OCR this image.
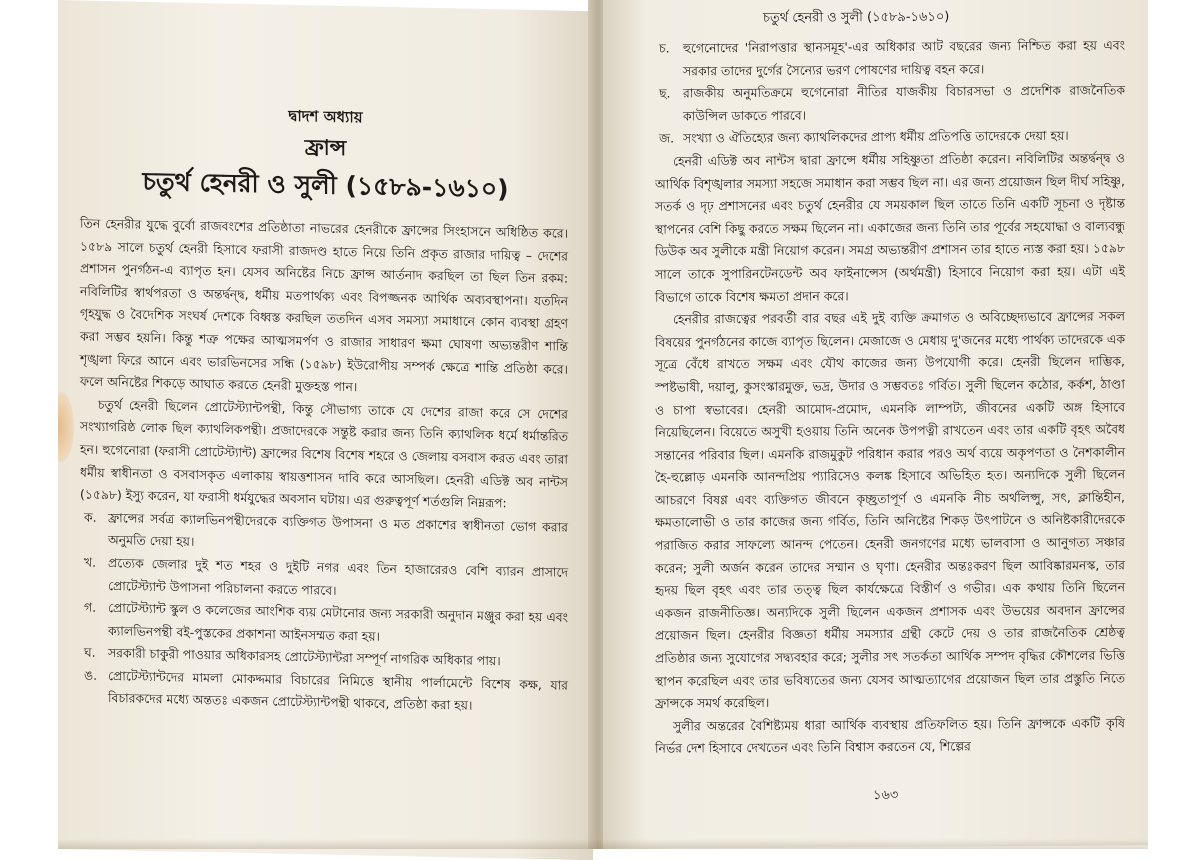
দ্বাদশ অধ্যায়
ফ্রান্স
চতুর্থ হেনরী ও সুলী (১৫৮৯-১৬১০)

তিন হেনরীর যুদ্ধে বুর্বো রাজবংশের প্রতিষ্ঠাতা নাভরের হেনরীকে ফ্রান্সের সিংহাসনে অধিষ্ঠিত করে। ১৫৮৯ সালে চতুর্থ হেনরী হিসাবে ফরাসী রাজদণ্ড হাতে নিয়ে তিনি প্রকৃত রাজার দায়িত্ব – দেশের প্রশাসন পুনর্গঠন-এ ব্যাপৃত হন। যেসব অনিষ্টের নিচে ফ্রান্স আর্তনাদ করছিল তা ছিল তিন রকম: নবিলিটির স্বার্থপরতা ও অন্তর্দ্বন্দ্ব, ধর্মীয় মতপার্থক্য এবং বিপজ্জনক আর্থিক অব্যবস্থাপনা। যতদিন গৃহযুদ্ধ ও বৈদেশিক সংঘর্ষ দেশকে বিধ্বস্ত করছিল ততদিন এসব সমস্যা সমাধানে কোন ব্যবস্থা গ্রহণ করা সম্ভব হয়নি। কিন্তু শত্রু পক্ষের আত্মসমর্পণ ও রাজার সাধারণ ক্ষমা ঘোষণা অভ্যন্তরীণ শান্তি শৃঙ্খলা ফিরে আনে এবং ভারভিনসের সন্ধি (১৫৯৮) ইউরোপীয় সম্পর্ক ক্ষেত্রে শান্তি প্রতিষ্ঠা করে। ফলে অনিষ্টের শিকড়ে আঘাত করতে হেনরী মুক্তহস্ত পান।

চতুর্থ হেনরী ছিলেন প্রোটেস্ট্যান্টপন্থী, কিন্তু সৌভাগ্য তাকে যে দেশের রাজা করে সে দেশের সংখ্যাগরিষ্ঠ লোক ছিল ক্যাথলিকপন্থী। প্রজাদেরকে সন্তুষ্ট করার জন্য তিনি ক্যাথলিক ধর্মে ধর্মান্তরিত হন। হুগেনোরা (ফরাসী প্রোটেস্ট্যান্ট) ফ্রান্সের বিশেষ বিশেষ শহরে ও জেলায় বসবাস করত এবং তারা ধর্মীয় স্বাধীনতা ও বসবাসকৃত এলাকায় স্বায়ত্তশাসন দাবি করে আসছিল। হেনরী এডিক্ট অব নান্টস (১৫৯৮) ইস্যু করেন, যা ফরাসী ধর্মযুদ্ধের অবসান ঘটায়। এর গুরুত্বপূর্ণ শর্তগুলি নিম্নরূপ:

ক. ফ্রান্সের সর্বত্র ক্যালভিনপন্থীদেরকে ব্যক্তিগত উপাসনা ও মত প্রকাশের স্বাধীনতা ভোগ করার অনুমতি দেয়া হয়।
খ. প্রত্যেক জেলার দুই শত শহর ও দুইটি নগর এবং তিন হাজারেরও বেশি ব্যারন প্রাসাদে প্রোটেস্ট্যান্ট উপাসনা পরিচালনা করতে পারবে।
গ. প্রোটেস্ট্যান্ট স্কুল ও কলেজের আংশিক ব্যয় মেটানোর জন্য সরকারী অনুদান মঞ্জুর করা হয় এবং ক্যালভিনপন্থী বই-পুস্তকের প্রকাশনা আইনসম্মত করা হয়।
ঘ. সরকারী চাকুরী পাওয়ার অধিকারসহ প্রোটেস্ট্যান্টরা সম্পূর্ণ নাগরিক অধিকার পায়।
ঙ. প্রোটেস্ট্যান্টদের মামলা মোকদ্দমার বিচারের নিমিত্তে স্থানীয় পার্লামেন্টে বিশেষ কক্ষ, যার বিচারকদের মধ্যে অন্ততঃ একজন প্রোটেস্ট্যান্টপন্থী থাকবে, প্রতিষ্ঠা করা হয়।
চতুর্থ হেনরী ও সুলী (১৫৮৯-১৬১০)
চ. হুগেনোদের 'নিরাপত্তার স্থানসমূহ'-এর অধিকার আট বছরের জন্য নিশ্চিত করা হয় এবং সরকার তাদের দুর্গের সৈন্যের ভরণ পোষণের দায়িত্ব বহন করে।
ছ. রাজকীয় অনুমতিক্রমে হুগেনোরা নীতির যাজকীয় বিচারসভা ও প্রদেশিক রাজনৈতিক কাউন্সিল ডাকতে পারবে।
জ. সংখ্যা ও ঐতিহ্যের জন্য ক্যাথলিকদের প্রাপ্য ধর্মীয় প্রতিপত্তি তাদেরকে দেয়া হয়।

হেনরী এডিক্ট অব নান্টস দ্বারা ফ্রান্সে ধর্মীয় সহিষ্ণুতা প্রতিষ্ঠা করেন। নবিলিটির অন্তর্দ্বন্দ্ব ও আর্থিক বিশৃঙ্খলার সমস্যা সহজে সমাধান করা সম্ভব ছিল না। এর জন্য প্রয়োজন ছিল দীর্ঘ সহিষ্ণু, সতর্ক ও দৃঢ় প্রশাসনের এবং চতুর্থ হেনরীর যে সময়কাল ছিল তাতে তিনি একটি সূচনা ও দৃষ্টান্ত স্থাপনের বেশি কিছু করতে সক্ষম ছিলেন না। একাজের জন্য তিনি তার পূর্বের সহযোদ্ধা ও বাল্যবন্ধু ডিউক অব সুলীকে মন্ত্রী নিয়োগ করেন। সমগ্র অভ্যন্তরীণ প্রশাসন তার হাতে ন্যস্ত করা হয়। ১৫৯৮ সালে তাকে সুপারিনটেনডেন্ট অব ফাইনান্সেস (অর্থমন্ত্রী) হিসাবে নিয়োগ করা হয়। এটা এই বিভাগে তাকে বিশেষ ক্ষমতা প্রদান করে।

হেনরীর রাজত্বের পরবর্তী বার বছর এই দুই ব্যক্তি ক্রমাগত ও অবিচ্ছেদ্যভাবে ফ্রান্সের সকল বিষয়ের পুনর্গঠনের কাজে ব্যাপৃত ছিলেন। মেজাজে ও মেধায় দু'জনের মধ্যে পার্থক্য তাদেরকে এক সূত্রে বেঁধে রাখতে সক্ষম এবং যৌথ কাজের জন্য উপযোগী করে। হেনরী ছিলেন দাম্ভিক, স্পষ্টভাষী, দয়ালু, কুসংস্কারমুক্ত, ভদ্র, উদার ও সম্ভবতঃ গর্বিত। সুলী ছিলেন কঠোর, কর্কশ, ঠাণ্ডা ও চাপা স্বভাবের। হেনরী আমোদ-প্রমোদ, এমনকি লাম্পট্য, জীবনের একটি অঙ্গ হিসাবে নিয়েছিলেন। বিয়েতে অসুখী হওয়ায় তিনি অনেক উপপত্নী রাখতেন এবং তার একটি বৃহৎ অবৈধ সন্তানের পরিবার ছিল। এমনকি রাজমুকুট পরিধান করার পরও অর্থ ব্যয়ে অকৃপণতা ও নৈশকালীন হৈ-হুল্লোড় এমনকি আনন্দপ্রিয় প্যারিসেও কলঙ্ক হিসাবে অভিহিত হত। অন্যদিকে সুলী ছিলেন আচরণে বিষণ্ণ এবং ব্যক্তিগত জীবনে কৃচ্ছ্রতাপূর্ণ ও এমনকি নীচ অর্থলিপ্সু, সৎ, ক্লান্তিহীন, ক্ষমতালোভী ও তার কাজের জন্য গর্বিত, তিনি অনিষ্টের শিকড় উৎপাটনে ও অনিষ্টকারীদেরকে পরাজিত করার সাফল্যে আনন্দ পেতেন। হেনরী জনগণের মধ্যে ভালবাসা ও আনুগত্য সঞ্চার করেন; সুলী অর্জন করেন তাদের সম্মান ও ঘৃণা। হেনরীর অন্তঃকরণ ছিল আবিষ্কারমনস্ক, তার হৃদয় ছিল বৃহৎ এবং তার তত্ত্ব ছিল কার্যক্ষেত্রে বিস্তীর্ণ ও গভীর। এক কথায় তিনি ছিলেন একজন রাজনীতিজ্ঞ। অন্যদিকে সুলী ছিলেন একজন প্রশাসক এবং উভয়ের অবদান ফ্রান্সের প্রয়োজন ছিল। হেনরীর বিজ্ঞতা ধর্মীয় সমস্যার গ্রন্থী কেটে দেয় ও তার রাজনৈতিক শ্রেষ্ঠত্ব প্রতিষ্ঠার জন্য সুযোগের সদ্ব্যবহার করে; সুলীর সৎ সতর্কতা আর্থিক সম্পদ বৃদ্ধির কৌশলের ভিত্তি স্থাপন করেছিল এবং তার ভবিষ্যতের জন্য যেসব আত্মত্যাগের প্রয়োজন ছিল তার প্রস্তুতি নিতে ফ্রান্সকে সমর্থ করেছিল।

সুলীর অন্তরের বৈশিষ্ট্যময় ধারা আর্থিক ব্যবস্থায় প্রতিফলিত হয়। তিনি ফ্রান্সকে একটি কৃষি নির্ভর দেশ হিসাবে দেখতেন এবং তিনি বিশ্বাস করতেন যে, শিল্পের

১৬৩
